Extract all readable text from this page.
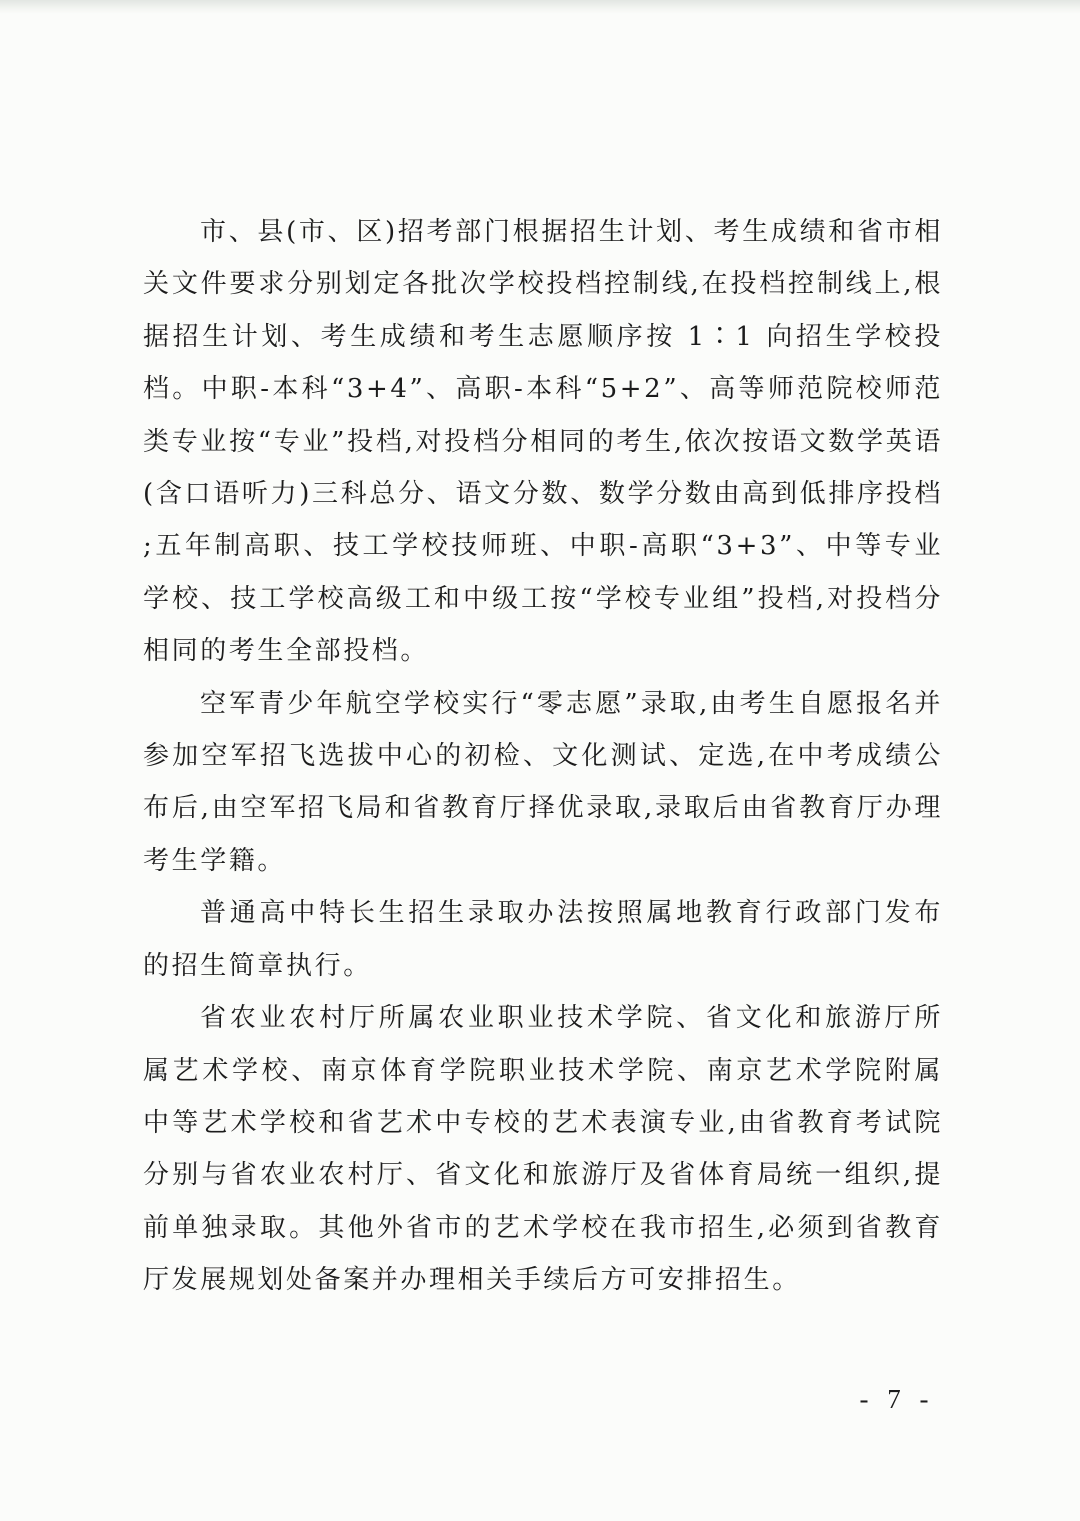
市、县(市、区)招考部门根据招生计划、考生成绩和省市相关文件要求分别划定各批次学校投档控制线,在投档控制线上,根据招生计划、考生成绩和考生志愿顺序按 1∶1 向招生学校投档。中职-本科“3+4”、高职-本科“5+2”、高等师范院校师范类专业按“专业”投档,对投档分相同的考生,依次按语文数学英语(含口语听力)三科总分、语文分数、数学分数由高到低排序投档;五年制高职、技工学校技师班、中职-高职“3+3”、中等专业学校、技工学校高级工和中级工按“学校专业组”投档,对投档分相同的考生全部投档。

空军青少年航空学校实行“零志愿”录取,由考生自愿报名并参加空军招飞选拔中心的初检、文化测试、定选,在中考成绩公布后,由空军招飞局和省教育厅择优录取,录取后由省教育厅办理考生学籍。

普通高中特长生招生录取办法按照属地教育行政部门发布的招生简章执行。

省农业农村厅所属农业职业技术学院、省文化和旅游厅所属艺术学校、南京体育学院职业技术学院、南京艺术学院附属中等艺术学校和省艺术中专校的艺术表演专业,由省教育考试院分别与省农业农村厅、省文化和旅游厅及省体育局统一组织,提前单独录取。其他外省市的艺术学校在我市招生,必须到省教育厅发展规划处备案并办理相关手续后方可安排招生。

- 7 -
